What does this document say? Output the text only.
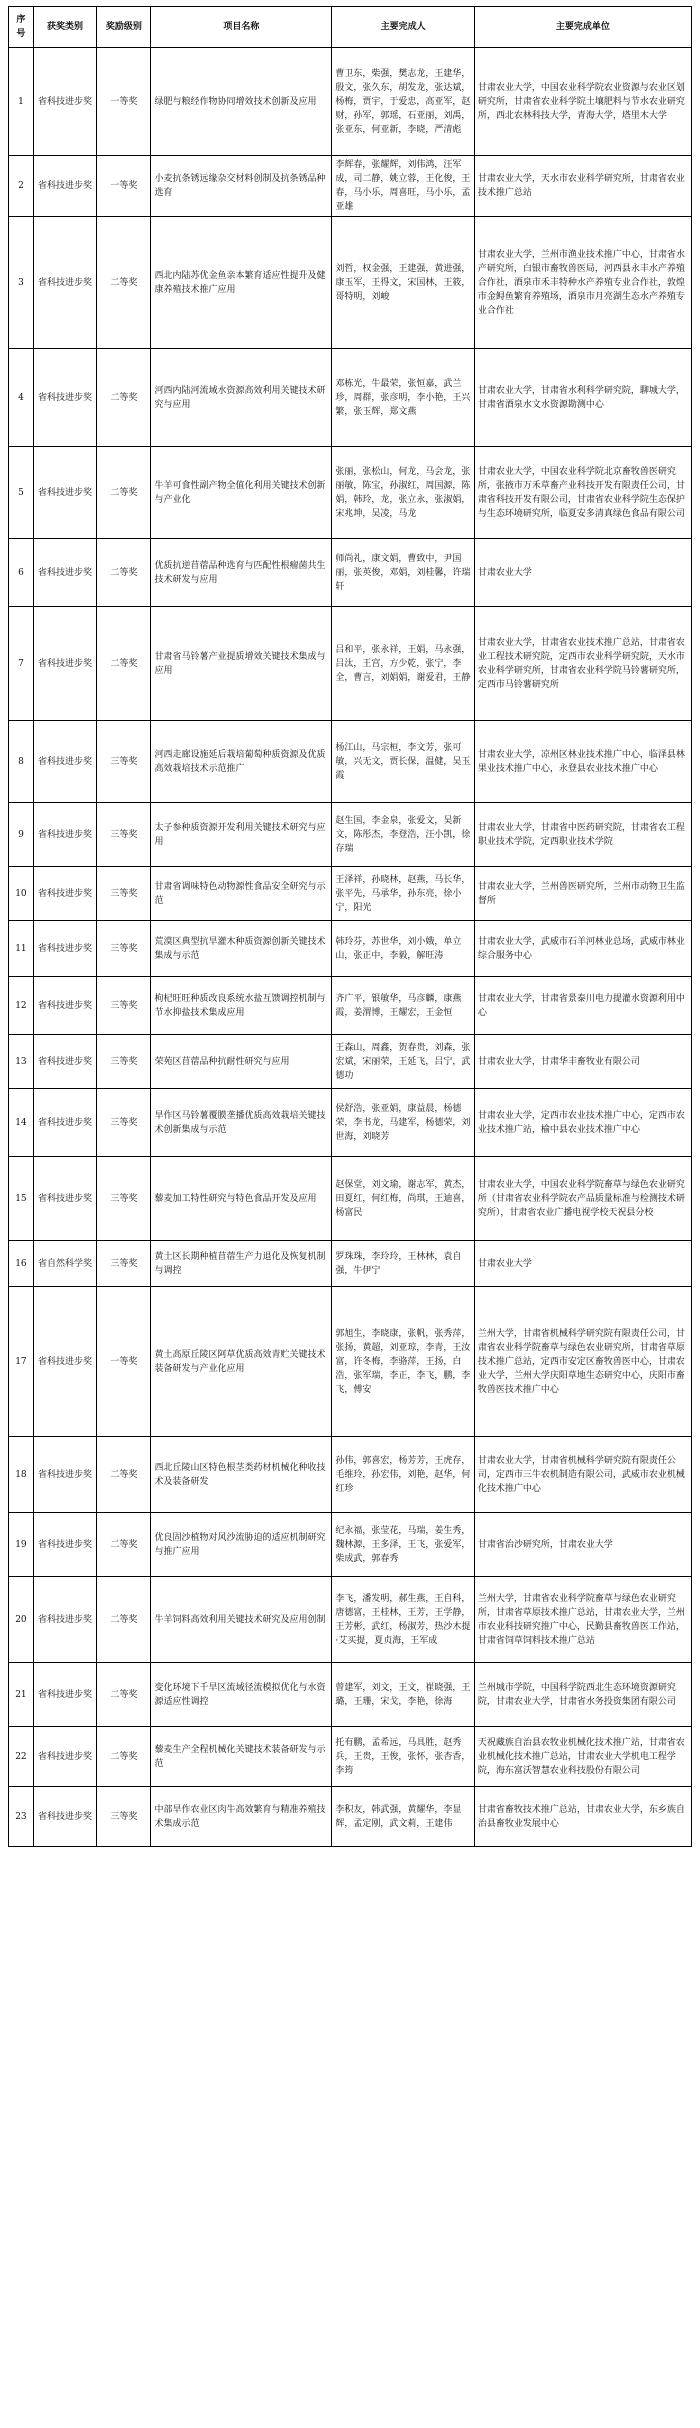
序号	获奖类别	奖励级别	项目名称	主要完成人	主要完成单位
1	省科技进步奖	一等奖	绿肥与粮经作物协同增效技术创新及应用	曹卫东，柴强，樊志龙，王建华，殷文，张久东，胡发龙，张达斌，杨梅，贾宇，于爱忠，高亚军，赵财，孙军，郭瑶，石亚丽，刘禹，张亚东，何亚新，李晓，严清彪	甘肃农业大学，中国农业科学院农业资源与农业区划研究所，甘肃省农业科学院土壤肥料与节水农业研究所，西北农林科技大学，青海大学，塔里木大学
2	省科技进步奖	一等奖	小麦抗条锈远缘杂交材料创制及抗条锈品种选育	李辉春，张耀辉，刘伟鸿，汪军成，司二静，姚立蓉，王化俊，王春，马小乐，周喜旺，马小乐，孟亚雄	甘肃农业大学，天水市农业科学研究所，甘肃省农业技术推广总站
3	省科技进步奖	二等奖	西北内陆苏优金鱼亲本繁育适应性提升及健康养殖技术推广应用	刘哲，权金强，王建强，黄进强，康玉军，王得文，宋国林，王筱，哥特明，刘峻	甘肃农业大学，兰州市渔业技术推广中心，甘肃省水产研究所，白银市畜牧兽医局，河西县永丰水产养殖合作社，酒泉市禾丰特种水产养殖专业合作社，敦煌市金鲟鱼繁育养殖场，酒泉市月亮湖生态水产养殖专业合作社
4	省科技进步奖	二等奖	河西内陆河流域水资源高效利用关键技术研究与应用	邓栋光，牛最荣，张恒嘉，武兰珍，周群，张彦明，李小艳，王兴繁，张玉辉，郑文燕	甘肃农业大学，甘肃省水利科学研究院，聊城大学，甘肃省酒泉水文水资源勘测中心
5	省科技进步奖	二等奖	牛羊可食性副产物全值化利用关键技术创新与产业化	张丽，张松山，何龙，马会龙，张丽敏，陈宝，孙淑红，周国源，陈娟，韩玲，龙，张立永，张淑娟，宋兆坤，吴凌，马龙	甘肃农业大学，中国农业科学院北京畜牧兽医研究所，张掖市万禾草畜产业科技开发有限责任公司，甘肃省科技开发有限公司，甘肃省农业科学院生态保护与生态环境研究所，临夏安多清真绿色食品有限公司
6	省科技进步奖	二等奖	优质抗逆苜蓿品种选育与匹配性根瘤菌共生技术研发与应用	师尚礼，康文娟，曹致中，尹国丽，张英俊，邓娟，刘桂馨，许瑞轩	甘肃农业大学
7	省科技进步奖	二等奖	甘肃省马铃薯产业提质增效关键技术集成与应用	吕和平，张永祥，王娟，马永强，吕汰，王宫，方少乾，张宁，李全，曹言，刘娟娟，谢爱君，王静	甘肃农业大学，甘肃省农业技术推广总站，甘肃省农业工程技术研究院，定西市农业科学研究院，天水市农业科学研究所，甘肃省农业科学院马铃薯研究所，定西市马铃薯研究所
8	省科技进步奖	三等奖	河西走廊设施延后栽培葡萄种质资源及优质高效栽培技术示范推广	杨江山，马宗桓，李文芳，张可敏，兴无文，贾长保，温健，吴玉霞	甘肃农业大学，凉州区林业技术推广中心，临泽县林果业技术推广中心，永登县农业技术推广中心
9	省科技进步奖	三等奖	太子参种质资源开发利用关键技术研究与应用	赵生国，李金泉，张爱文，吴新文，陈彤杰，李登浩，汪小凯，徐存瑞	甘肃农业大学，甘肃省中医药研究院，甘肃省农工程职业技术学院，定西职业技术学院
10	省科技进步奖	三等奖	甘肃省调味特色动物源性食品安全研究与示范	王泽祥，孙晓林，赵燕，马长华，张平先，马承华，孙东亮，徐小宁，阳光	甘肃农业大学，兰州兽医研究所，兰州市动物卫生监督所
11	省科技进步奖	三等奖	荒漠区典型抗旱灌木种质资源创新关键技术集成与示范	韩玲芬，苏世华，刘小娥，单立山，张正中，李毅，解旺涛	甘肃农业大学，武威市石羊河林业总场，武威市林业综合服务中心
12	省科技进步奖	三等奖	枸杞旺旺种质改良系统水盐互馈调控机制与节水抑盐技术集成应用	齐广平，银敏华，马彦麟，康燕霞，姜渭博，王耀宏，王金恒	甘肃农业大学，甘肃省景泰川电力提灌水资源利用中心
13	省科技进步奖	三等奖	荣苑区苜蓿品种抗耐性研究与应用	王森山，周鑫，贺春贵，刘森，张宏斌，宋丽荣，王延飞，吕宁，武德功	甘肃农业大学，甘肃华丰畜牧业有限公司
14	省科技进步奖	三等奖	旱作区马铃薯覆膜垄播优质高效栽培关键技术创新集成与示范	侯舒浩，张亚娟，康益晨，杨德荣，李书龙，马建军，杨德荣，刘世海，刘晓芳	甘肃农业大学，定西市农业技术推广中心，定西市农业技术推广站，榆中县农业技术推广中心
15	省科技进步奖	三等奖	藜麦加工特性研究与特色食品开发及应用	赵保堂，刘文瑜，谢志军，黄杰，田夏红，何红梅，尚琪，王迪喜，杨富民	甘肃农业大学，中国农业科学院畜草与绿色农业研究所（甘肃省农业科学院农产品质量标准与检测技术研究所），甘肃省农业广播电视学校天祝县分校
16	省自然科学奖	三等奖	黄土区长期种植苜蓿生产力退化及恢复机制与调控	罗珠珠，李玲玲，王林林，袁自强，牛伊宁	甘肃农业大学
17	省科技进步奖	一等奖	黄土高原丘陵区阿草优质高效青贮关键技术装备研发与产业化应用	郭旭生，李晓康，张帆，张秀萍，张扬，黄超，刘亚琼，李青，王汝富，许冬梅，李骆萍，王扬，白浩，张军瑞，李正，李飞，鹏，李飞，傅安	兰州大学，甘肃省机械科学研究院有限责任公司，甘肃省农业科学院畜草与绿色农业研究所，甘肃省草原技术推广总站，定西市安定区畜牧兽医中心，甘肃农业大学，兰州大学庆阳草地生态研究中心，庆阳市畜牧兽医技术推广中心
18	省科技进步奖	二等奖	西北丘陵山区特色根茎类药材机械化种收技术及装备研发	孙伟，郭喜宏，杨芳芳，王虎存，毛维玲，孙宏伟，刘艳，赵华，何红珍	甘肃农业大学，甘肃省机械科学研究院有限责任公司，定西市三牛农机制造有限公司，武威市农业机械化技术推广中心
19	省科技进步奖	二等奖	优良固沙植物对风沙流胁迫的适应机制研究与推广应用	纪永福，张莹花，马瑞，姜生秀，魏林源，王多泽，王飞，张爱军，柴成武，郭春秀	甘肃省治沙研究所，甘肃农业大学
20	省科技进步奖	二等奖	牛羊饲料高效利用关键技术研究及应用创制	李飞，潘发明，郝生燕，王自科，唐德富，王桂林，王芳，王学静，王芳彬，武红，杨淑芳，热沙木提·艾买提，夏贞海，王军成	兰州大学，甘肃省农业科学院畜草与绿色农业研究所，甘肃省草原技术推广总站，甘肃农业大学，兰州市农业科技研究推广中心，民勤县畜牧兽医工作站，甘肃省饲草饲料技术推广总站
21	省科技进步奖	二等奖	变化环境下千旱区流域径流模拟优化与水资源适应性调控	曾建军，刘文，王文，崔晓强，王璐，王珊，宋戈，李艳，徐海	兰州城市学院，中国科学院西北生态环境资源研究院，甘肃农业大学，甘肃省水务投资集团有限公司
22	省科技进步奖	二等奖	藜麦生产全程机械化关键技术装备研发与示范	托有鹏，孟希远，马具胜，赵秀兵，王贵，王俊，张怀，张杏香，李筠	天祝藏族自治县农牧业机械化技术推广站，甘肃省农业机械化技术推广总站，甘肃农业大学机电工程学院，海东富沃智慧农业科技股份有限公司
23	省科技进步奖	三等奖	中部旱作农业区肉牛高效繁育与精准养殖技术集成示范	李积友，韩武强，黄耀华，李显辉，孟定刚，武文莉，王建伟	甘肃省畜牧技术推广总站，甘肃农业大学，东乡族自治县畜牧业发展中心
